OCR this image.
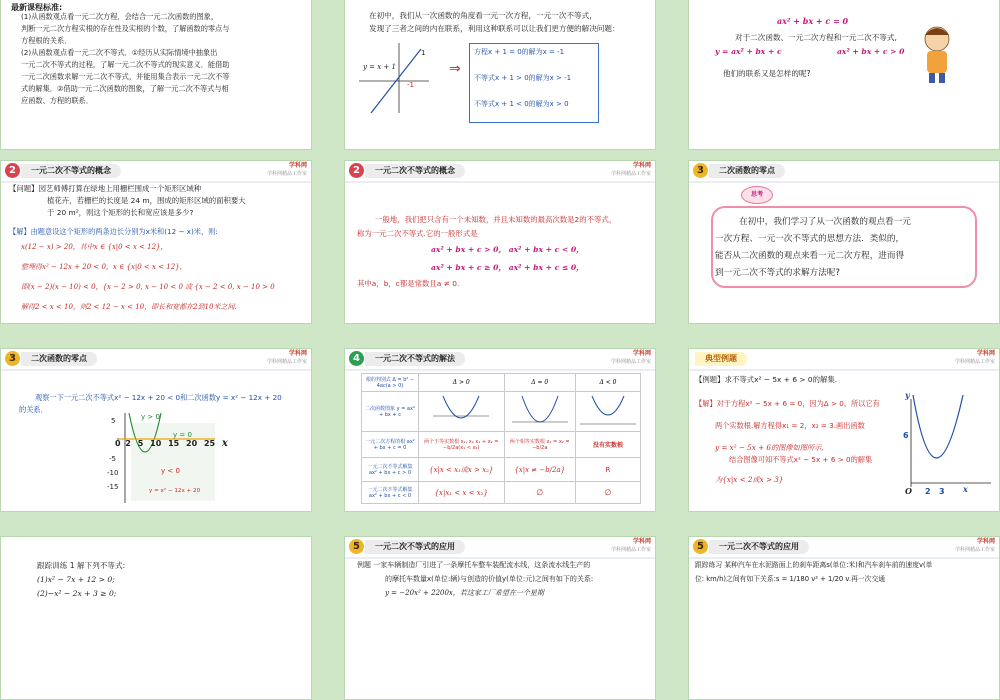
最新课程标准:
(1)从函数观点看一元二次方程．会结合一元二次函数的图象，
判断一元二次方程实根的存在性及实根的个数，了解函数的零点与
方程根的关系．
(2)从函数观点看一元二次不等式．①经历从实际情境中抽象出
一元二次不等式的过程，了解一元二次不等式的现实意义．能借助
一元二次函数求解一元二次不等式，并能用集合表示一元二次不等
式的解集．②借助一元二次函数的图象，了解一元二次不等式与相
应函数、方程的联系．
在初中，我们从一次函数的角度看一元一次方程，一元一次不等式，
发现了三者之间的内在联系，利用这种联系可以让我们更方便的解决问题：
y = x + 1
1
-1
⇒
方程x + 1 = 0的解为x = -1
不等式x + 1 > 0的解为x > -1
不等式x + 1 < 0的解为x > 0
ax² + bx + c = 0
对于二次函数、一元二次方程和一元二次不等式,
y = ax² + bx + c	ax² + bx + c > 0
他们的联系又是怎样的呢?
2	一元二次不等式的概念
学科网
学科网精品工作室
【问题】园艺师傅打算在绿地上用栅栏围成一个矩形区域种
植花卉，若栅栏的长度是 24 m，围成的矩形区域的面积要大
于 20 m²，则这个矩形的长和宽应该是多少?
【解】由题意设这个矩形的两条边长分别为x米和(12 − x)米，则:
x(12 − x) > 20，其中x ∈ {x|0 < x < 12}，
整理得x² − 12x + 20 < 0，x ∈ {x|0 < x < 12}，
即(x − 2)(x − 10) < 0，{x − 2 > 0, x − 10 < 0 或 {x − 2 < 0, x − 10 > 0
解得2 < x < 10，则2 < 12 − x < 10，即长和宽都在2到10米之间.
2	一元二次不等式的概念
学科网
学科网精品工作室
一般地，我们把只含有一个未知数，并且未知数的最高次数是2的不等式，
称为一元二次不等式.它的一般形式是
ax² + bx + c > 0， ax² + bx + c < 0，
ax² + bx + c ≥ 0， ax² + bx + c ≤ 0，
其中a，b，c都是常数且a ≠ 0.
3	二次函数的零点
思考
在初中，我们学习了从一次函数的观点看一元
一次方程、一元一次不等式的思想方法．类似的，
能否从二次函数的观点来看一元二次方程，进而得
到一元二次不等式的求解方法呢?
3	二次函数的零点
学科网
学科网精品工作室
观察一下一元二次不等式x² − 12x + 20 < 0和二次函数y = x² − 12x + 20
的关系．
y > 0
y = 0
y < 0
y = x² − 12x + 20
0 2 5 10 15 20 25 x
5
-5
-10
-15
4	一元二次不等式的解法
学科网
学科网精品工作室
根的判别式 Δ = b² − 4ac(a > 0)	Δ > 0	Δ = 0	Δ < 0
二次函数图象 y = ax² + bx + c			
一元二次方程的根 ax² + bx + c = 0	两个不等实数根 x₁, x₂ x₁ + x₂ = −b/2a(x₁ < x₂)	两个相等实数根 x₁ = x₂ = −b/2a	没有实数根
一元二次不等式解集 ax² + bx + c > 0	{x|x < x₁或x > x₂}	{x|x ≠ −b/2a}	R
一元二次不等式解集 ax² + bx + c < 0	{x|x₁ < x < x₂}	∅	∅
典型例题
学科网
学科网精品工作室
【例题】求不等式x² − 5x + 6 > 0的解集.
【解】对于方程x² − 5x + 6 = 0，因为Δ > 0，所以它有
两个实数根.解方程得x₁ = 2，x₂ = 3.画出函数
y = x² − 5x + 6的图像如图所示,
结合图像可知不等式x² − 5x + 6 > 0的解集
为{x|x < 2或x > 3}
y
6
O 2 3 x
跟踪训练 1 解下列不等式:
(1)x² − 7x + 12 > 0;
(2)−x² − 2x + 3 ≥ 0;
5	一元二次不等式的应用
学科网
学科网精品工作室
例题 一家车辆制造厂引进了一条摩托车整车装配流水线，这条流水线生产的
的摩托车数量x(单位:辆)与创造的价值y(单位:元)之间有如下的关系:
y = −20x² + 2200x，若这家工厂希望在一个星期
5	一元二次不等式的应用
学科网
学科网精品工作室
跟踪练习 某种汽车在水泥路面上的刹车距离s(单位:米)和汽车刹车前的速度v(单
位: km/h)之间有如下关系:s = 1/180 v² + 1/20 v.再一次交通
